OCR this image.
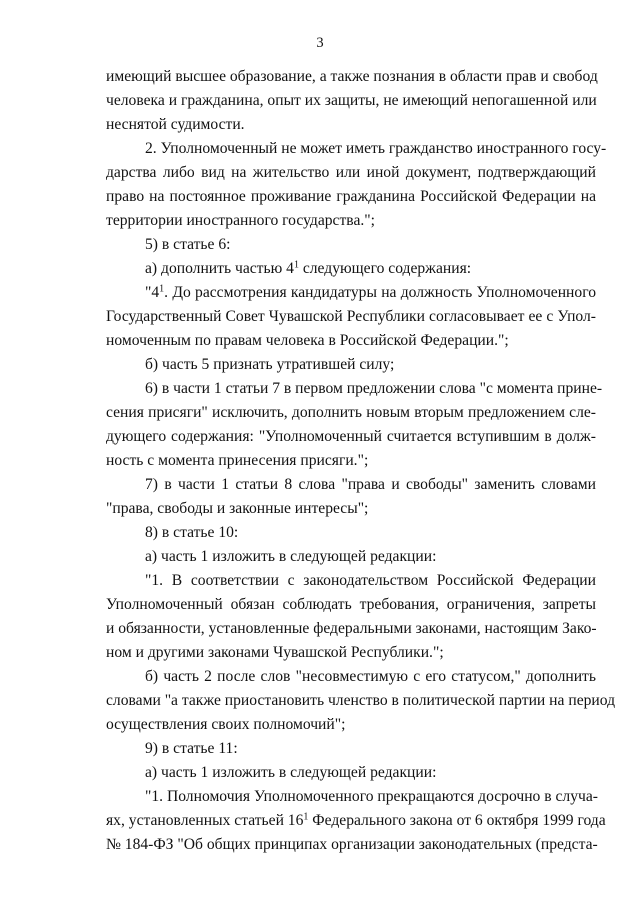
3
имеющий высшее образование, а также познания в области прав и свобод
человека и гражданина, опыт их защиты, не имеющий непогашенной или
неснятой судимости.
2. Уполномоченный не может иметь гражданство иностранного госу-
дарства либо вид на жительство или иной документ, подтверждающий
право на постоянное проживание гражданина Российской Федерации на
территории иностранного государства.";
5) в статье 6:
а) дополнить частью $4^1$ следующего содержания:
"$4^1$. До рассмотрения кандидатуры на должность Уполномоченного
Государственный Совет Чувашской Республики согласовывает ее с Упол-
номоченным по правам человека в Российской Федерации.";
б) часть 5 признать утратившей силу;
6) в части 1 статьи 7 в первом предложении слова "с момента прине-
сения присяги" исключить, дополнить новым вторым предложением сле-
дующего содержания: "Уполномоченный считается вступившим в долж-
ность с момента принесения присяги.";
7) в части 1 статьи 8 слова "права и свободы" заменить словами
"права, свободы и законные интересы";
8) в статье 10:
а) часть 1 изложить в следующей редакции:
"1. В соответствии с законодательством Российской Федерации
Уполномоченный обязан соблюдать требования, ограничения, запреты
и обязанности, установленные федеральными законами, настоящим Зако-
ном и другими законами Чувашской Республики.";
б) часть 2 после слов "несовместимую с его статусом," дополнить
словами "а также приостановить членство в политической партии на период
осуществления своих полномочий";
9) в статье 11:
а) часть 1 изложить в следующей редакции:
"1. Полномочия Уполномоченного прекращаются досрочно в случа-
ях, установленных статьей $16^1$ Федерального закона от 6 октября 1999 года
№ 184-ФЗ "Об общих принципах организации законодательных (предста-
